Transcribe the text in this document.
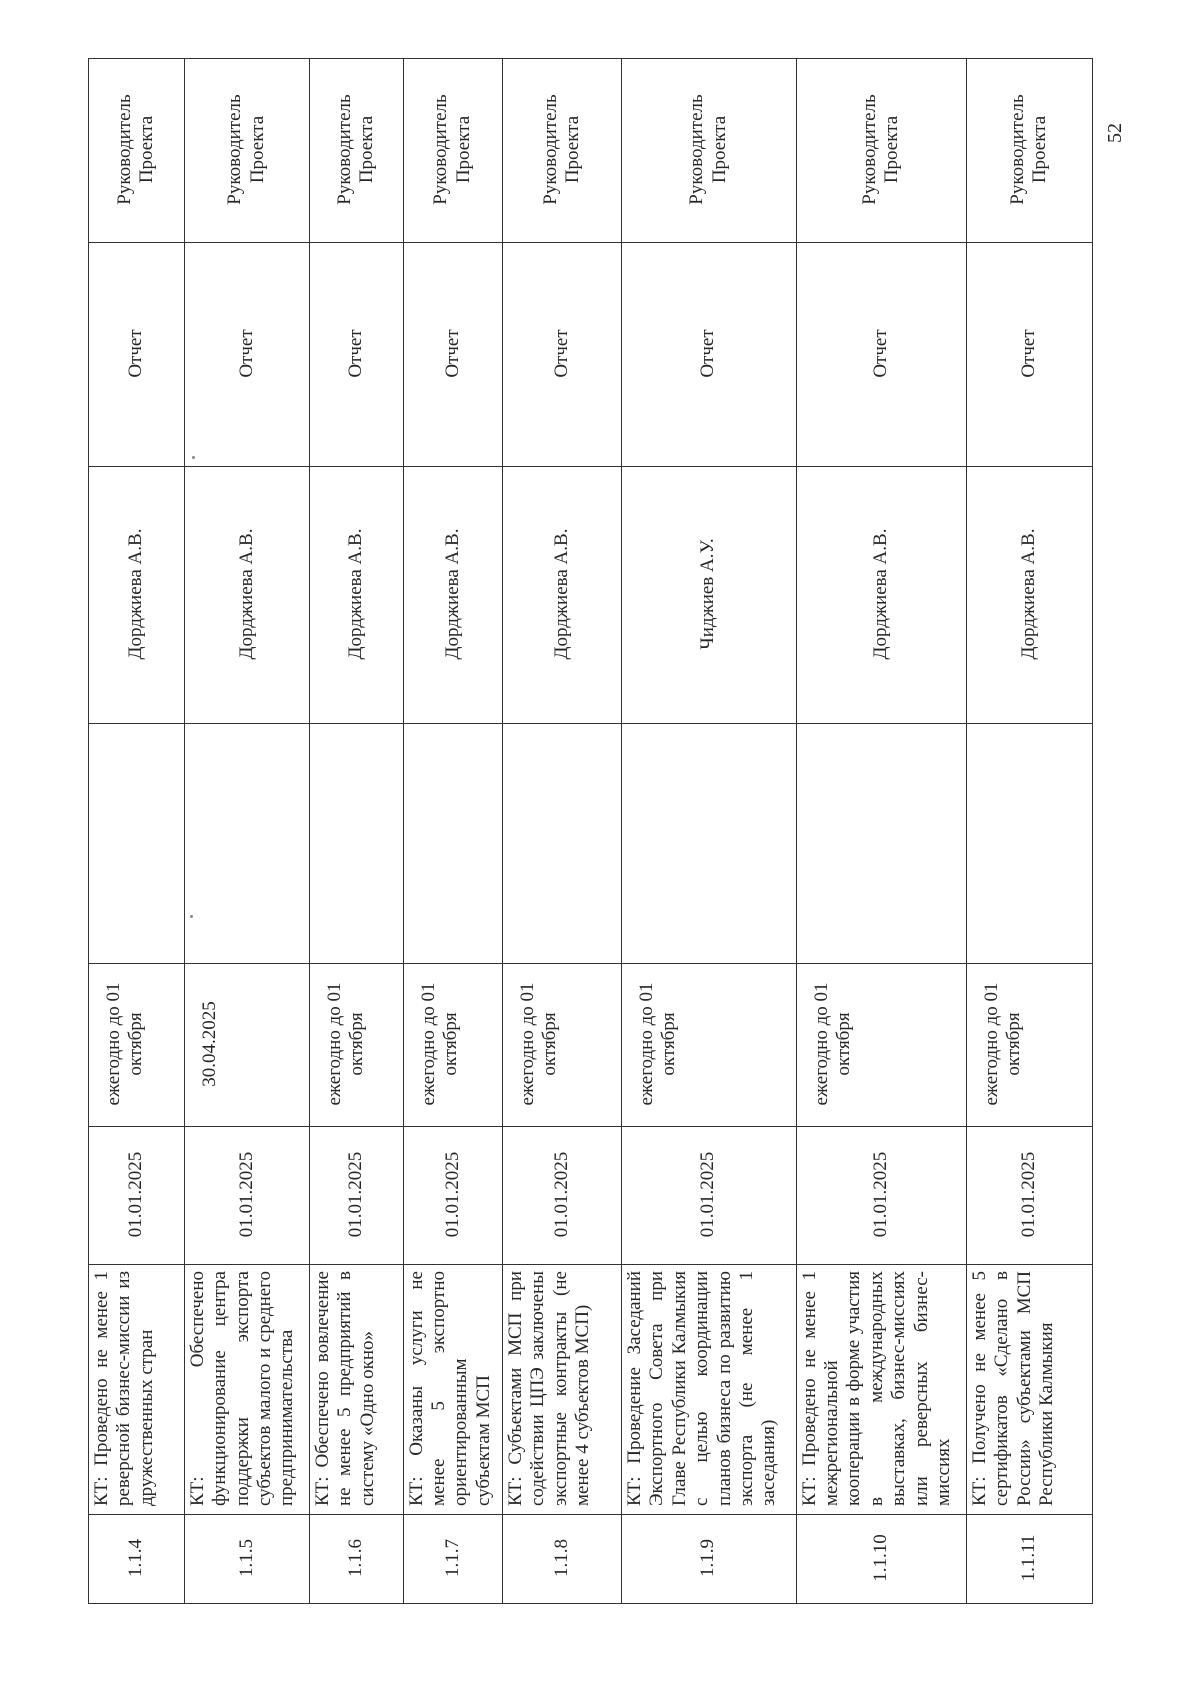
1.1.4	КТ: Проведено не менее 1 реверсной бизнес-миссии из дружественных стран	01.01.2025	ежегодно до 01 октября		Дорджиева А.В.	Отчет	Руководитель Проекта
1.1.5	КТ: Обеспечено функционирование центра поддержки экспорта субъектов малого и среднего предпринимательства	01.01.2025	30.04.2025		Дорджиева А.В.	Отчет	Руководитель Проекта
1.1.6	КТ: Обеспечено вовлечение не менее 5 предприятий в систему «Одно окно»	01.01.2025	ежегодно до 01 октября		Дорджиева А.В.	Отчет	Руководитель Проекта
1.1.7	КТ: Оказаны услуги не менее 5 экспортно ориентированным субъектам МСП	01.01.2025	ежегодно до 01 октября		Дорджиева А.В.	Отчет	Руководитель Проекта
1.1.8	КТ: Субъектами МСП при содействии ЦПЭ заключены экспортные контракты (не менее 4 субъектов МСП)	01.01.2025	ежегодно до 01 октября		Дорджиева А.В.	Отчет	Руководитель Проекта
1.1.9	КТ: Проведение Заседаний Экспортного Совета при Главе Республики Калмыкия с целью координации планов бизнеса по развитию экспорта (не менее 1 заседания)	01.01.2025	ежегодно до 01 октября		Чиджиев А.У.	Отчет	Руководитель Проекта
1.1.10	КТ: Проведено не менее 1 межрегиональной кооперации в форме участия в международных выставках, бизнес-миссиях или реверсных бизнес-миссиях	01.01.2025	ежегодно до 01 октября		Дорджиева А.В.	Отчет	Руководитель Проекта
1.1.11	КТ: Получено не менее 5 сертификатов «Сделано в России» субъектами МСП Республики Калмыкия	01.01.2025	ежегодно до 01 октября		Дорджиева А.В.	Отчет	Руководитель Проекта	52
